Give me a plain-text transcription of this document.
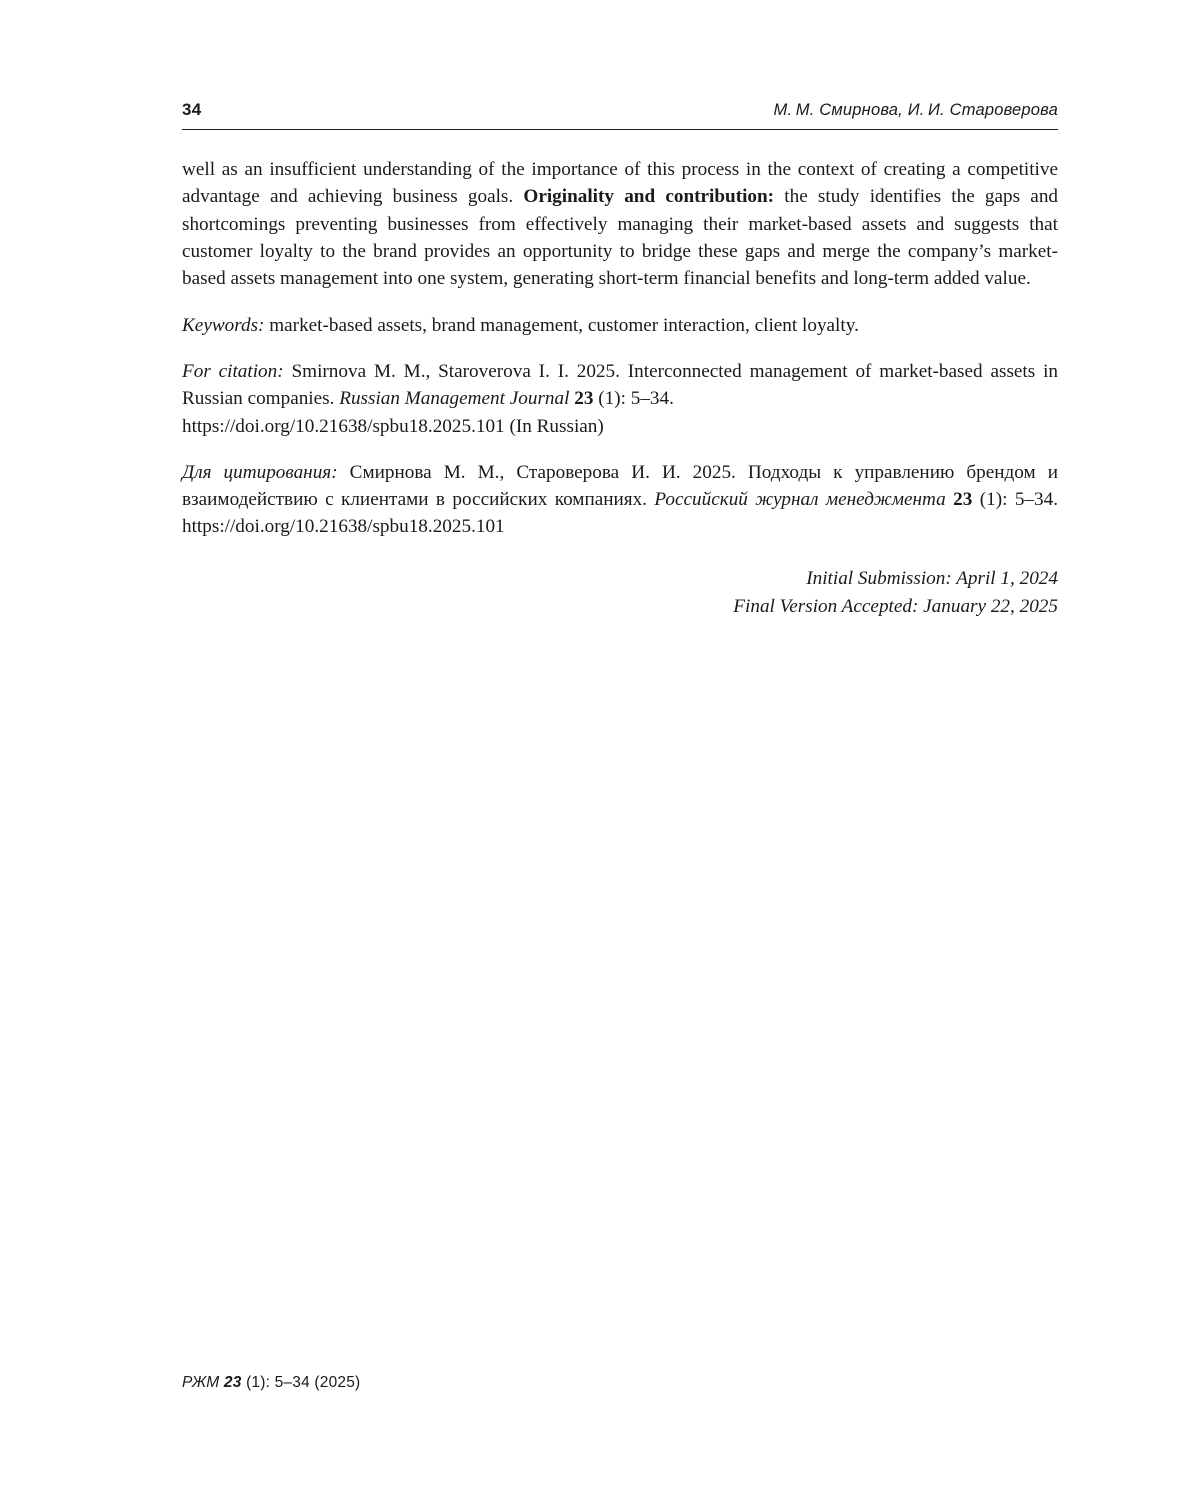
34	М. М. Смирнова, И. И. Староверова

well as an insufficient understanding of the importance of this process in the context of creating a competitive advantage and achieving business goals. Originality and contribution: the study identifies the gaps and shortcomings preventing businesses from effectively managing their market-based assets and suggests that customer loyalty to the brand provides an opportunity to bridge these gaps and merge the company’s market-based assets management into one system, generating short-term financial benefits and long-term added value.

Keywords: market-based assets, brand management, customer interaction, client loyalty.

For citation: Smirnova M. M., Staroverova I. I. 2025. Interconnected management of market-based assets in Russian companies. Russian Management Journal 23 (1): 5–34.
https://doi.org/10.21638/spbu18.2025.101 (In Russian)

Для цитирования: Смирнова М. М., Староверова И. И. 2025. Подходы к управлению брендом и взаимодействию с клиентами в российских компаниях. Российский журнал менеджмента 23 (1): 5–34. https://doi.org/10.21638/spbu18.2025.101

Initial Submission: April 1, 2024
Final Version Accepted: January 22, 2025
РЖМ 23 (1): 5–34 (2025)
